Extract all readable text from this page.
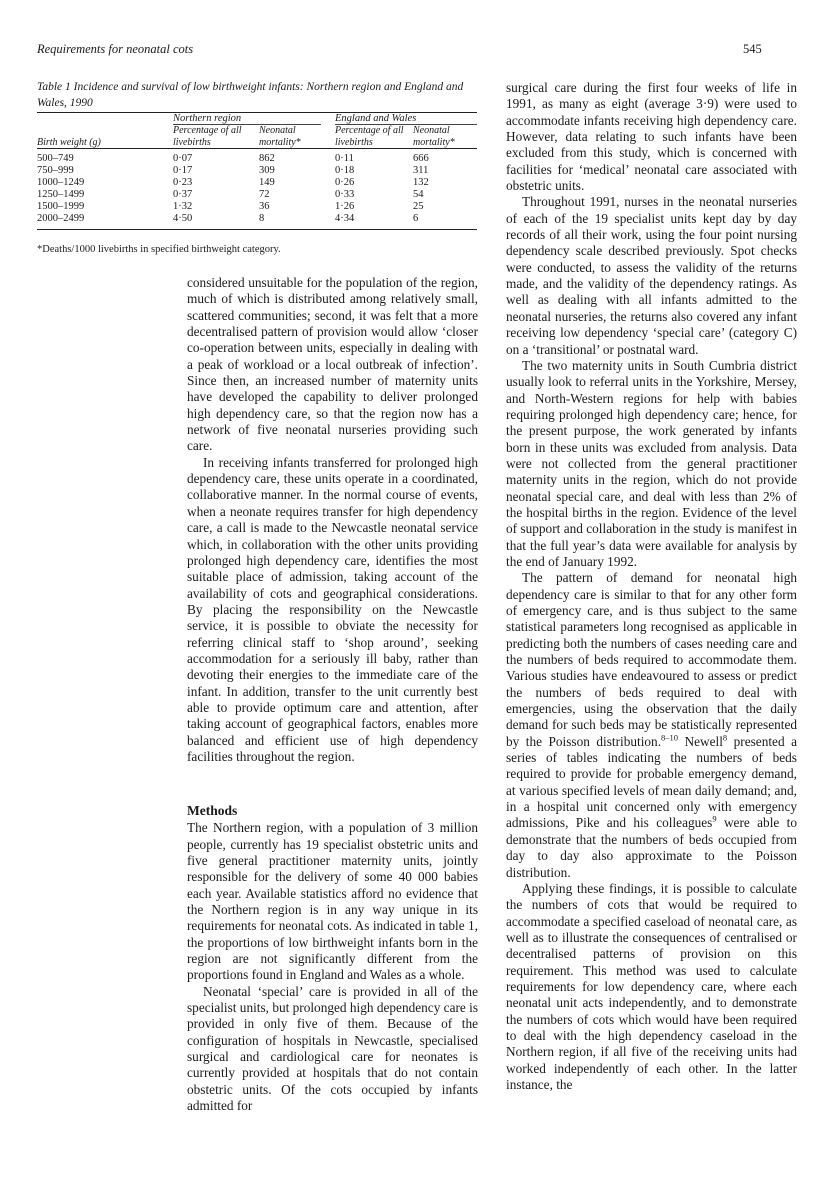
Requirements for neonatal cots	545
Table 1 Incidence and survival of low birthweight infants: Northern region and England and Wales, 1990
	Northern region			England and Wales	
Birth weight (g)	Percentage of all livebirths	Neonatal mortality*		Percentage of all livebirths	Neonatal mortality*
500–749	0·07	862		0·11	666
750–999	0·17	309		0·18	311
1000–1249	0·23	149		0·26	132
1250–1499	0·37	72		0·33	54
1500–1999	1·32	36		1·26	25
2000–2499	4·50	8		4·34	6
*Deaths/1000 livebirths in specified birthweight category.

considered unsuitable for the population of the region, much of which is distributed among relatively small, scattered communities; second, it was felt that a more decentralised pattern of provision would allow ‘closer co-operation between units, especially in dealing with a peak of workload or a local outbreak of infection’. Since then, an increased number of maternity units have developed the capability to deliver prolonged high dependency care, so that the region now has a network of five neonatal nurseries providing such care.

In receiving infants transferred for prolonged high dependency care, these units operate in a coordinated, collaborative manner. In the normal course of events, when a neonate requires transfer for high dependency care, a call is made to the Newcastle neonatal service which, in collaboration with the other units providing prolonged high dependency care, identifies the most suitable place of admission, taking account of the availability of cots and geographical considerations. By placing the responsibility on the Newcastle service, it is possible to obviate the necessity for referring clinical staff to ‘shop around’, seeking accommodation for a seriously ill baby, rather than devoting their energies to the immediate care of the infant. In addition, transfer to the unit currently best able to provide optimum care and attention, after taking account of geographical factors, enables more balanced and efficient use of high dependency facilities throughout the region.

Methods

The Northern region, with a population of 3 million people, currently has 19 specialist obstetric units and five general practitioner maternity units, jointly responsible for the delivery of some 40 000 babies each year. Available statistics afford no evidence that the Northern region is in any way unique in its requirements for neonatal cots. As indicated in table 1, the proportions of low birthweight infants born in the region are not significantly different from the proportions found in England and Wales as a whole.

Neonatal ‘special’ care is provided in all of the specialist units, but prolonged high dependency care is provided in only five of them. Because of the configuration of hospitals in Newcastle, specialised surgical and cardiological care for neonates is currently provided at hospitals that do not contain obstetric units. Of the cots occupied by infants admitted for

surgical care during the first four weeks of life in 1991, as many as eight (average 3·9) were used to accommodate infants receiving high dependency care. However, data relating to such infants have been excluded from this study, which is concerned with facilities for ‘medical’ neonatal care associated with obstetric units.

Throughout 1991, nurses in the neonatal nurseries of each of the 19 specialist units kept day by day records of all their work, using the four point nursing dependency scale described previously. Spot checks were conducted, to assess the validity of the returns made, and the validity of the dependency ratings. As well as dealing with all infants admitted to the neonatal nurseries, the returns also covered any infant receiving low dependency ‘special care’ (category C) on a ‘transitional’ or postnatal ward.

The two maternity units in South Cumbria district usually look to referral units in the Yorkshire, Mersey, and North-Western regions for help with babies requiring prolonged high dependency care; hence, for the present purpose, the work generated by infants born in these units was excluded from analysis. Data were not collected from the general practitioner maternity units in the region, which do not provide neonatal special care, and deal with less than 2% of the hospital births in the region. Evidence of the level of support and collaboration in the study is manifest in that the full year’s data were available for analysis by the end of January 1992.

The pattern of demand for neonatal high dependency care is similar to that for any other form of emergency care, and is thus subject to the same statistical parameters long recognised as applicable in predicting both the numbers of cases needing care and the numbers of beds required to accommodate them. Various studies have endeavoured to assess or predict the numbers of beds required to deal with emergencies, using the observation that the daily demand for such beds may be statistically represented by the Poisson distribution.$^{8-10}$ Newell$^8$ presented a series of tables indicating the numbers of beds required to provide for probable emergency demand, at various specified levels of mean daily demand; and, in a hospital unit concerned only with emergency admissions, Pike and his colleagues$^9$ were able to demonstrate that the numbers of beds occupied from day to day also approximate to the Poisson distribution.

Applying these findings, it is possible to calculate the numbers of cots that would be required to accommodate a specified caseload of neonatal care, as well as to illustrate the consequences of centralised or decentralised patterns of provision on this requirement. This method was used to calculate requirements for low dependency care, where each neonatal unit acts independently, and to demonstrate the numbers of cots which would have been required to deal with the high dependency caseload in the Northern region, if all five of the receiving units had worked independently of each other. In the latter instance, the
